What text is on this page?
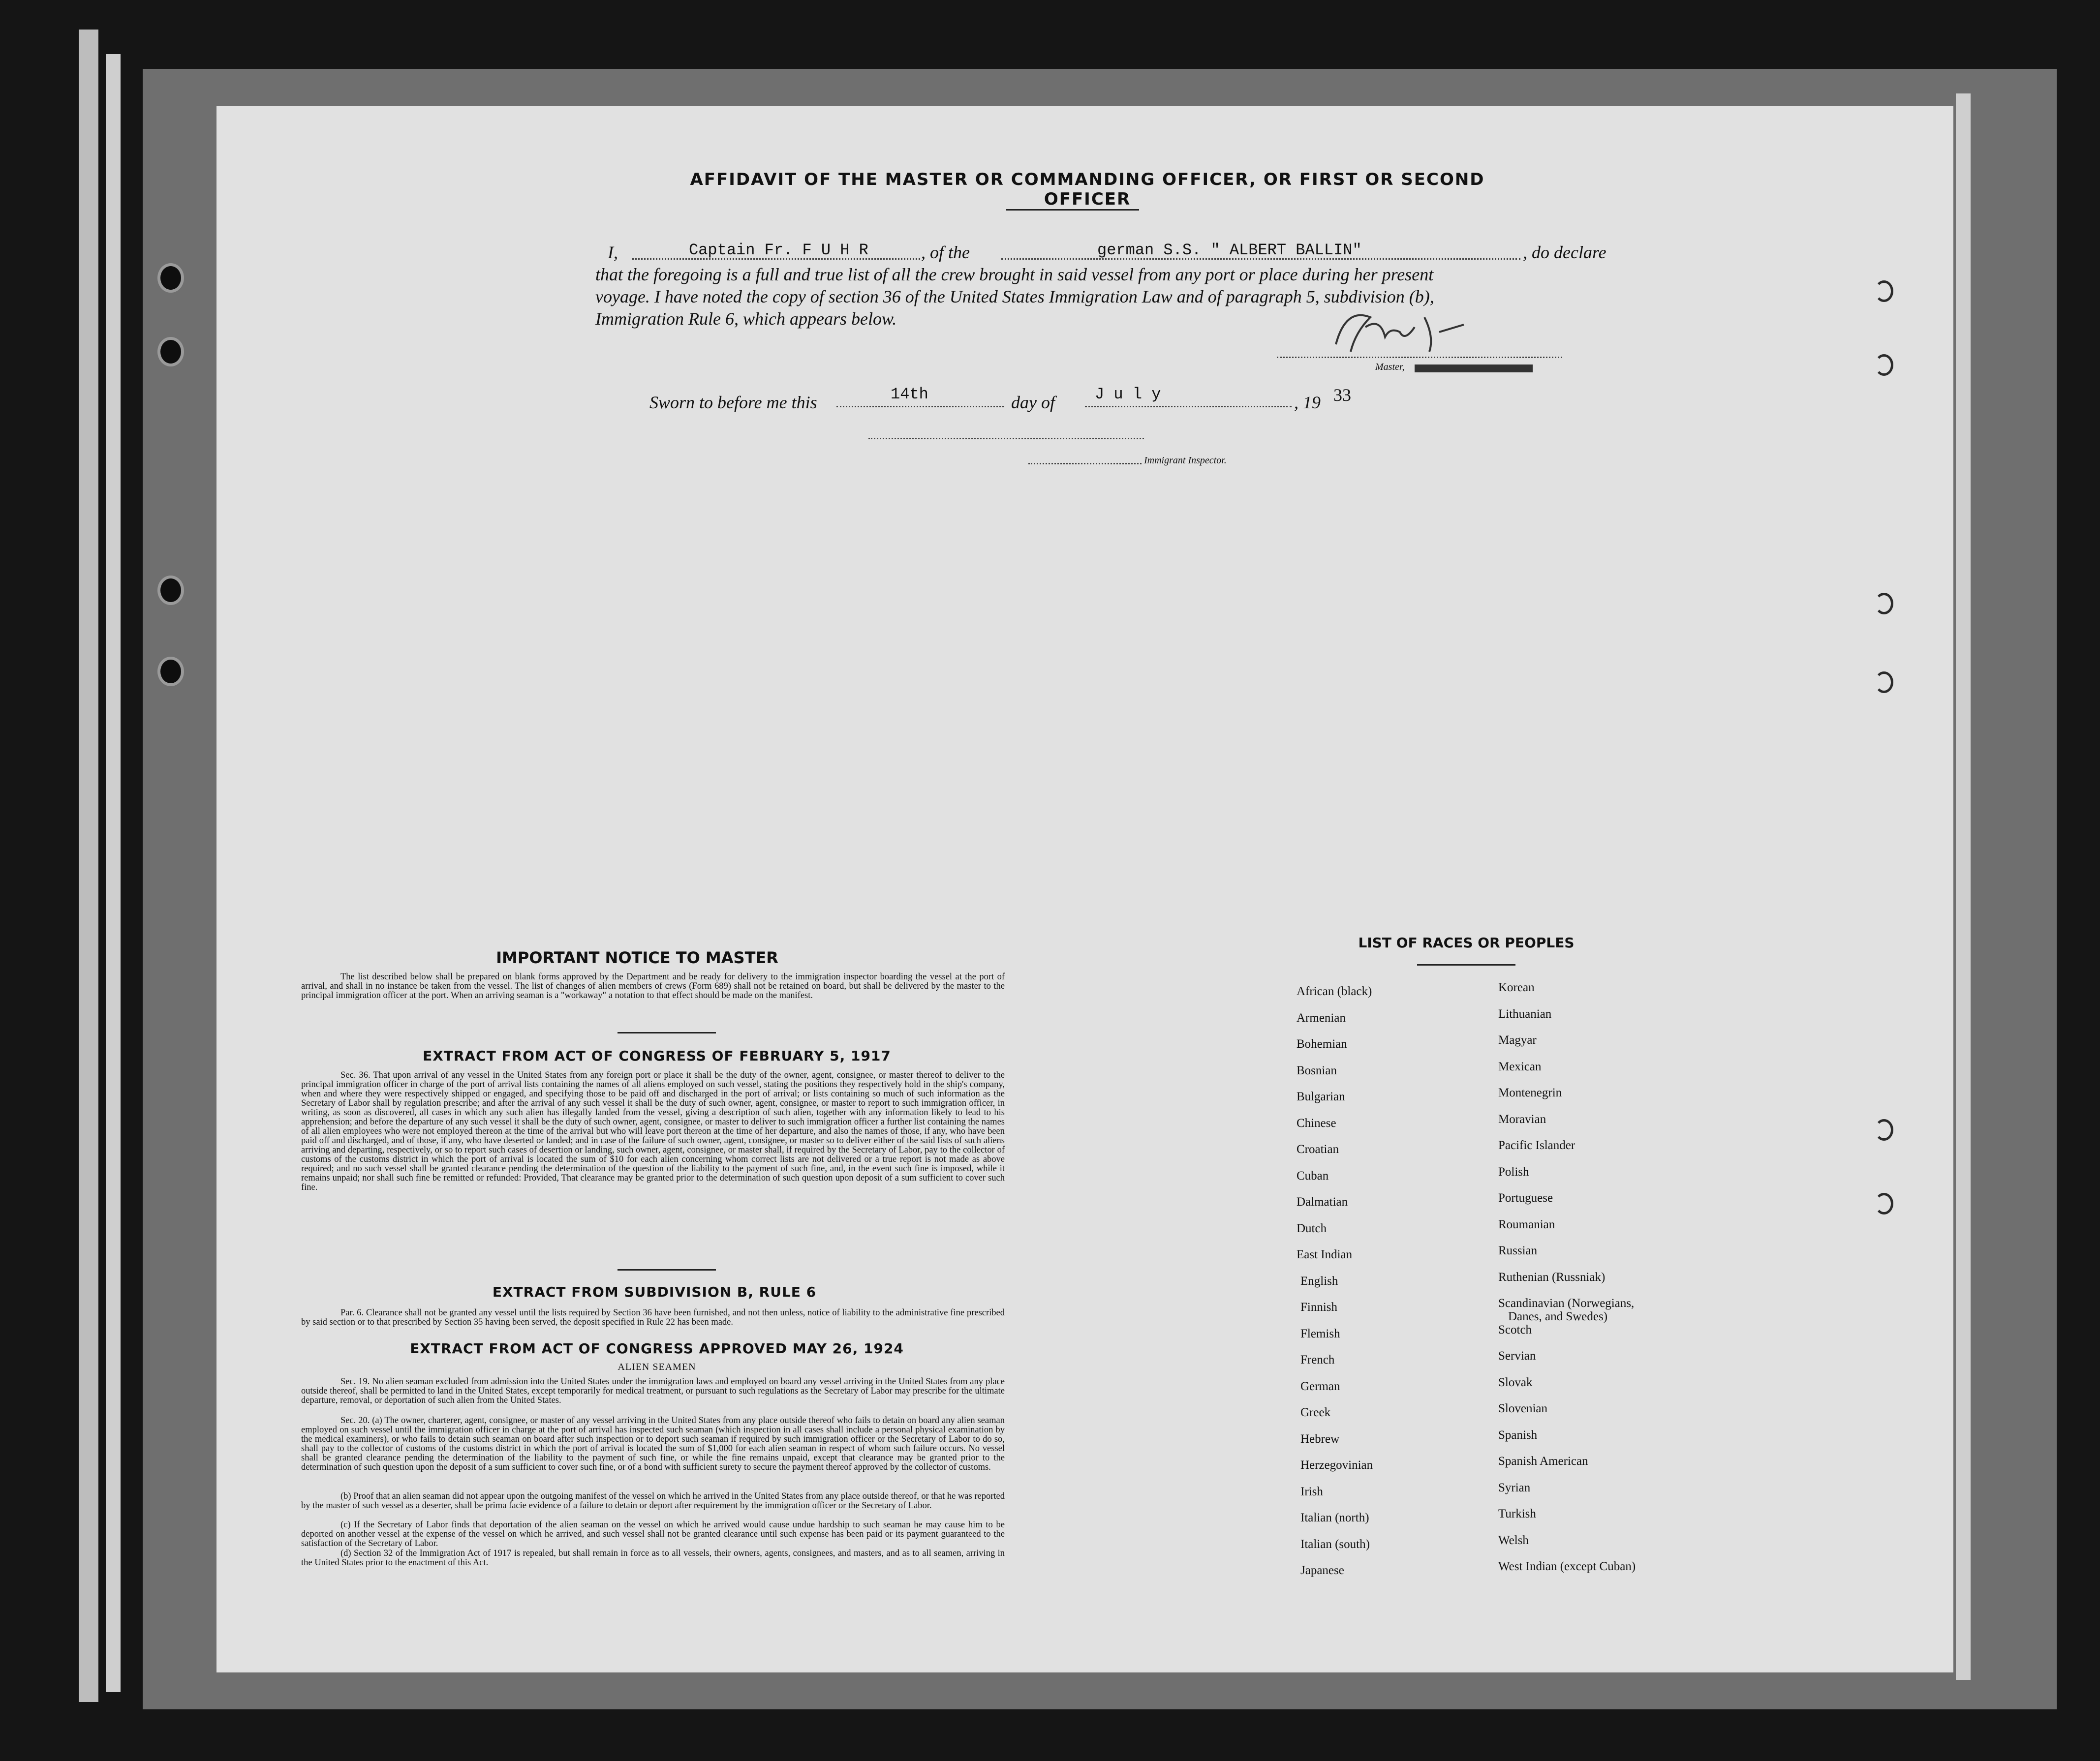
AFFIDAVIT OF THE MASTER OR COMMANDING OFFICER, OR FIRST OR SECOND OFFICER
I,	Captain Fr. F U H R	, of the	german S.S. " ALBERT BALLIN"	, do declare
that the foregoing is a full and true list of all the crew brought in said vessel from any port or place during her present
voyage. I have noted the copy of section 36 of the United States Immigration Law and of paragraph 5, subdivision (b),
Immigration Rule 6, which appears below.
Master,
Sworn to before me this	14th	day of	J u l y	, 19 33
Immigrant Inspector.
IMPORTANT NOTICE TO MASTER

The list described below shall be prepared on blank forms approved by the Department and be ready for delivery to the immigration inspector boarding the vessel at the port of arrival, and shall in no instance be taken from the vessel. The list of changes of alien members of crews (Form 689) shall not be retained on board, but shall be delivered by the master to the principal immigration officer at the port. When an arriving seaman is a "workaway" a notation to that effect should be made on the manifest.

EXTRACT FROM ACT OF CONGRESS OF FEBRUARY 5, 1917

Sec. 36. That upon arrival of any vessel in the United States from any foreign port or place it shall be the duty of the owner, agent, consignee, or master thereof to deliver to the principal immigration officer in charge of the port of arrival lists containing the names of all aliens employed on such vessel, stating the positions they respectively hold in the ship's company, when and where they were respectively shipped or engaged, and specifying those to be paid off and discharged in the port of arrival; or lists containing so much of such information as the Secretary of Labor shall by regulation prescribe; and after the arrival of any such vessel it shall be the duty of such owner, agent, consignee, or master to report to such immigration officer, in writing, as soon as discovered, all cases in which any such alien has illegally landed from the vessel, giving a description of such alien, together with any information likely to lead to his apprehension; and before the departure of any such vessel it shall be the duty of such owner, agent, consignee, or master to deliver to such immigration officer a further list containing the names of all alien employees who were not employed thereon at the time of the arrival but who will leave port thereon at the time of her departure, and also the names of those, if any, who have been paid off and discharged, and of those, if any, who have deserted or landed; and in case of the failure of such owner, agent, consignee, or master so to deliver either of the said lists of such aliens arriving and departing, respectively, or so to report such cases of desertion or landing, such owner, agent, consignee, or master shall, if required by the Secretary of Labor, pay to the collector of customs of the customs district in which the port of arrival is located the sum of $10 for each alien concerning whom correct lists are not delivered or a true report is not made as above required; and no such vessel shall be granted clearance pending the determination of the question of the liability to the payment of such fine, and, in the event such fine is imposed, while it remains unpaid; nor shall such fine be remitted or refunded: Provided, That clearance may be granted prior to the determination of such question upon deposit of a sum sufficient to cover such fine.

EXTRACT FROM SUBDIVISION B, RULE 6

Par. 6. Clearance shall not be granted any vessel until the lists required by Section 36 have been furnished, and not then unless, notice of liability to the administrative fine prescribed by said section or to that prescribed by Section 35 having been served, the deposit specified in Rule 22 has been made.

EXTRACT FROM ACT OF CONGRESS APPROVED MAY 26, 1924
ALIEN SEAMEN

Sec. 19. No alien seaman excluded from admission into the United States under the immigration laws and employed on board any vessel arriving in the United States from any place outside thereof, shall be permitted to land in the United States, except temporarily for medical treatment, or pursuant to such regulations as the Secretary of Labor may prescribe for the ultimate departure, removal, or deportation of such alien from the United States.

Sec. 20. (a) The owner, charterer, agent, consignee, or master of any vessel arriving in the United States from any place outside thereof who fails to detain on board any alien seaman employed on such vessel until the immigration officer in charge at the port of arrival has inspected such seaman (which inspection in all cases shall include a personal physical examination by the medical examiners), or who fails to detain such seaman on board after such inspection or to deport such seaman if required by such immigration officer or the Secretary of Labor to do so, shall pay to the collector of customs of the customs district in which the port of arrival is located the sum of $1,000 for each alien seaman in respect of whom such failure occurs. No vessel shall be granted clearance pending the determination of the liability to the payment of such fine, or while the fine remains unpaid, except that clearance may be granted prior to the determination of such question upon the deposit of a sum sufficient to cover such fine, or of a bond with sufficient surety to secure the payment thereof approved by the collector of customs.

(b) Proof that an alien seaman did not appear upon the outgoing manifest of the vessel on which he arrived in the United States from any place outside thereof, or that he was reported by the master of such vessel as a deserter, shall be prima facie evidence of a failure to detain or deport after requirement by the immigration officer or the Secretary of Labor.

(c) If the Secretary of Labor finds that deportation of the alien seaman on the vessel on which he arrived would cause undue hardship to such seaman he may cause him to be deported on another vessel at the expense of the vessel on which he arrived, and such vessel shall not be granted clearance until such expense has been paid or its payment guaranteed to the satisfaction of the Secretary of Labor.

(d) Section 32 of the Immigration Act of 1917 is repealed, but shall remain in force as to all vessels, their owners, agents, consignees, and masters, and as to all seamen, arriving in the United States prior to the enactment of this Act.

LIST OF RACES OR PEOPLES
African (black)
Armenian
Bohemian
Bosnian
Bulgarian
Chinese
Croatian
Cuban
Dalmatian
Dutch
East Indian
English
Finnish
Flemish
French
German
Greek
Hebrew
Herzegovinian
Irish
Italian (north)
Italian (south)
Japanese
Korean
Lithuanian
Magyar
Mexican
Montenegrin
Moravian
Pacific Islander
Polish
Portuguese
Roumanian
Russian
Ruthenian (Russniak)
Scandinavian (Norwegians,
Danes, and Swedes)
Scotch
Servian
Slovak
Slovenian
Spanish
Spanish American
Syrian
Turkish
Welsh
West Indian (except Cuban)
